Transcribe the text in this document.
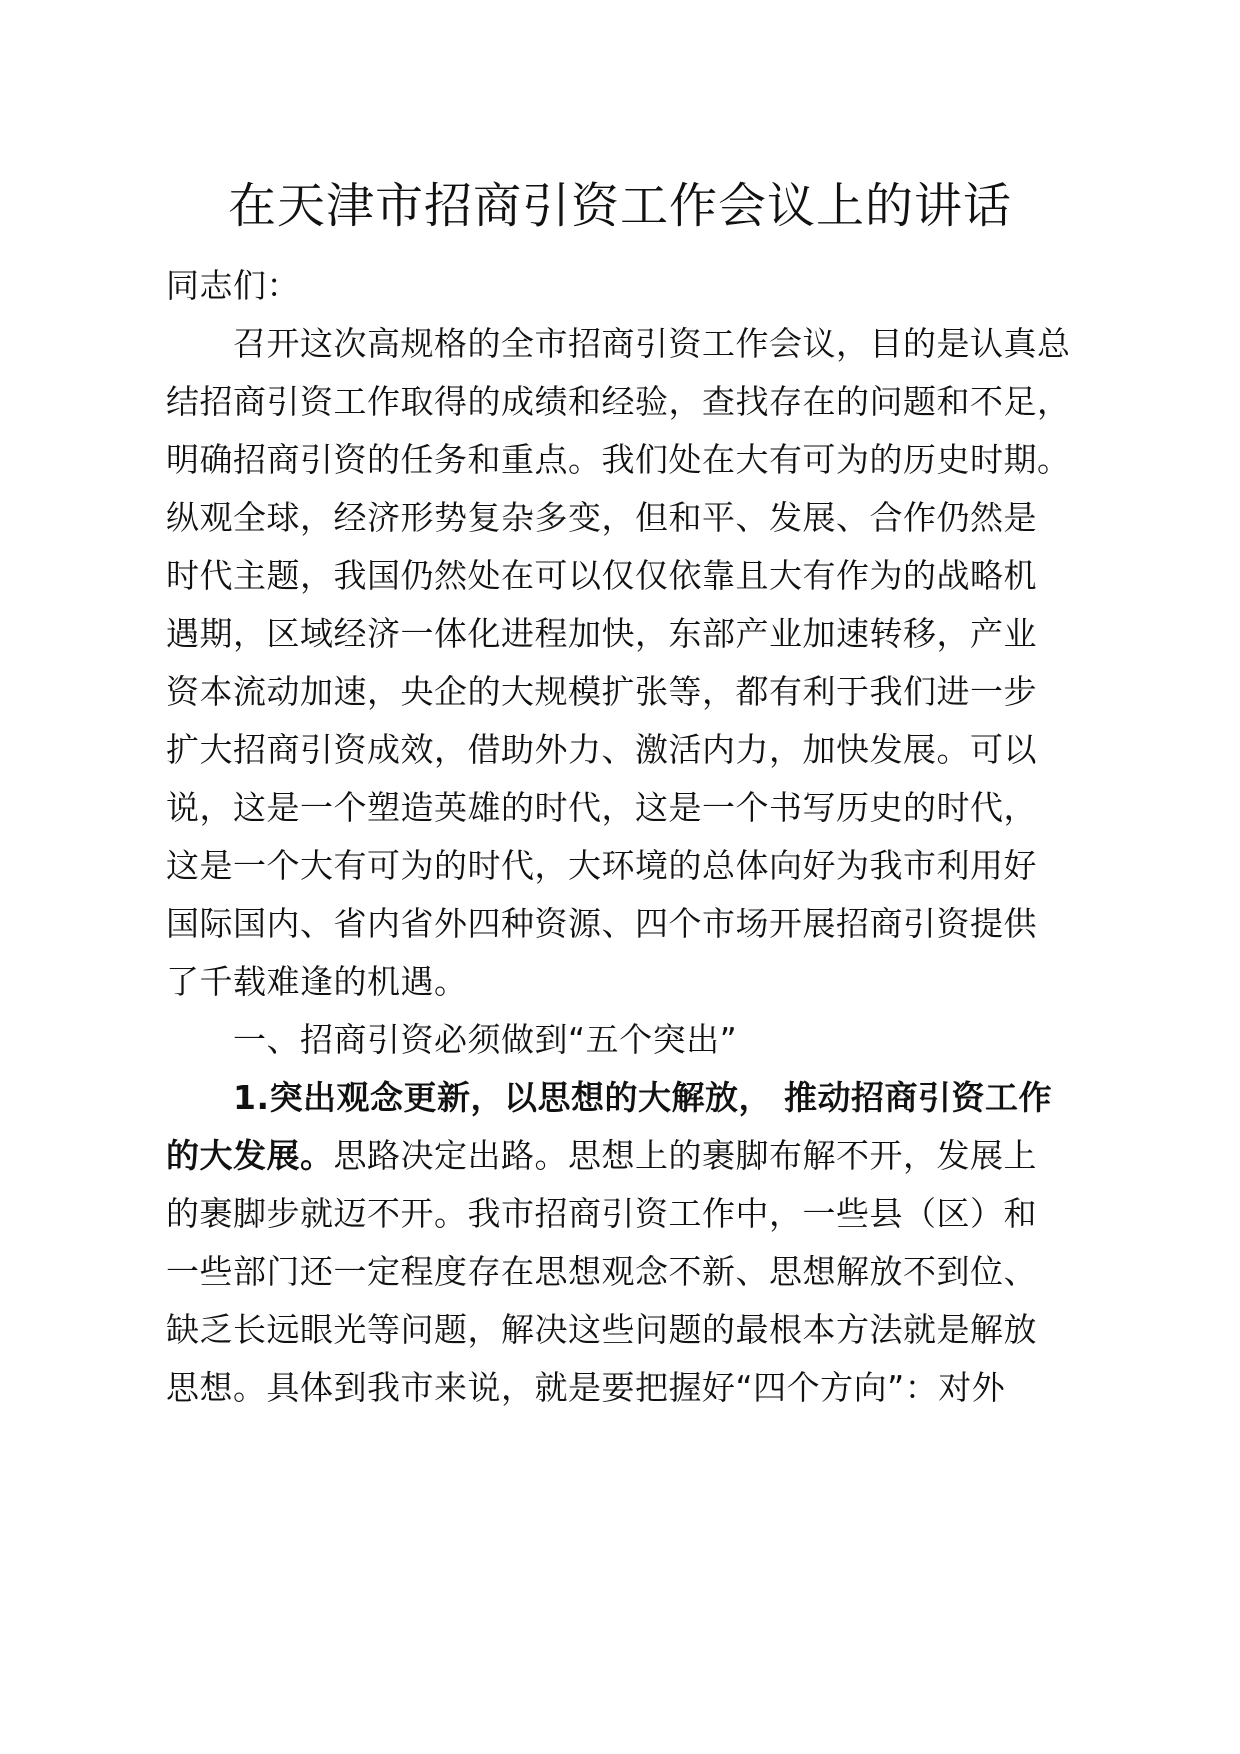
在天津市招商引资工作会议上的讲话
同志们：
召开这次高规格的全市招商引资工作会议，目的是认真总
结招商引资工作取得的成绩和经验，查找存在的问题和不足，
明确招商引资的任务和重点。我们处在大有可为的历史时期。
纵观全球，经济形势复杂多变，但和平、发展、合作仍然是
时代主题，我国仍然处在可以仅仅依靠且大有作为的战略机
遇期，区域经济一体化进程加快，东部产业加速转移，产业
资本流动加速，央企的大规模扩张等，都有利于我们进一步
扩大招商引资成效，借助外力、激活内力，加快发展。可以
说，这是一个塑造英雄的时代，这是一个书写历史的时代，
这是一个大有可为的时代，大环境的总体向好为我市利用好
国际国内、省内省外四种资源、四个市场开展招商引资提供
了千载难逢的机遇。
一、招商引资必须做到“五个突出”
1.突出观念更新，以思想的大解放， 推动招商引资工作
的大发展。思路决定出路。思想上的裹脚布解不开，发展上
的裹脚步就迈不开。我市招商引资工作中，一些县（区）和
一些部门还一定程度存在思想观念不新、思想解放不到位、
缺乏长远眼光等问题，解决这些问题的最根本方法就是解放
思想。具体到我市来说，就是要把握好“四个方向”：对外
